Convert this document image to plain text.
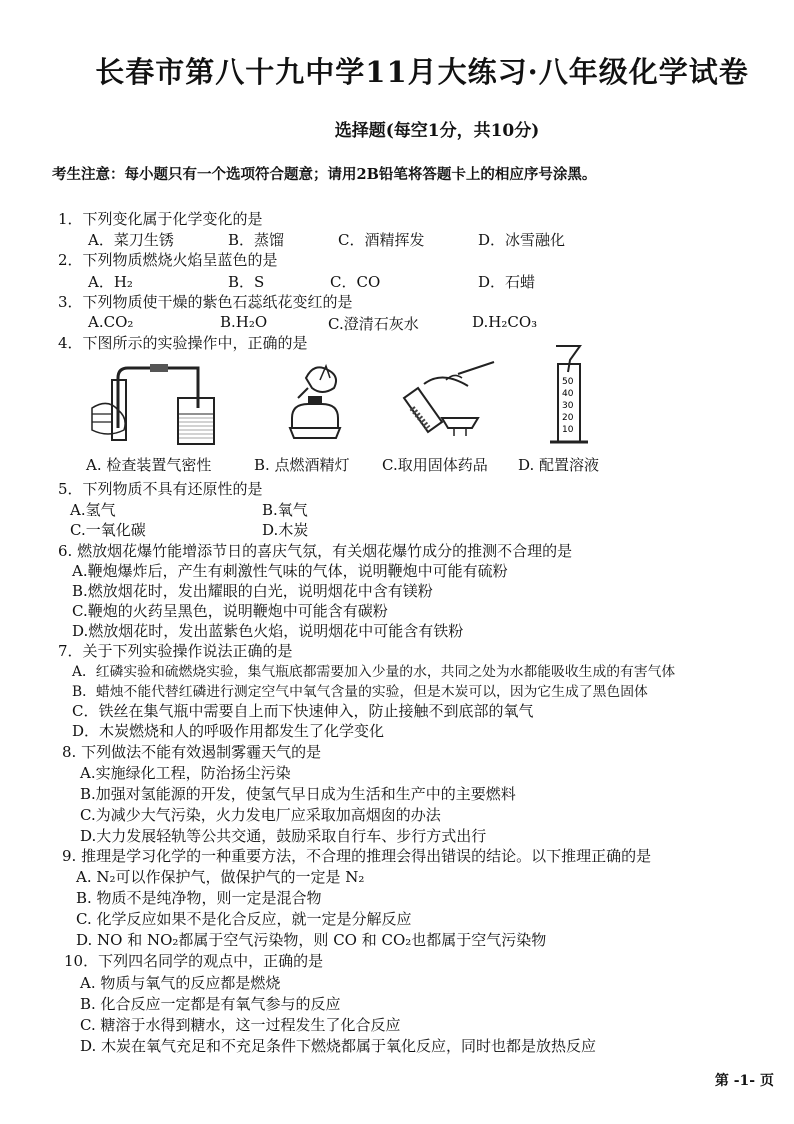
长春市第八十九中学11月大练习·八年级化学试卷
选择题(每空1分，共10分)
考生注意：每小题只有一个选项符合题意；请用2B铅笔将答题卡上的相应序号涂黑。
1．下列变化属于化学变化的是
A．菜刀生锈	B．蒸馏	C．酒精挥发	D．冰雪融化
2．下列物质燃烧火焰呈蓝色的是
A．H₂	B．S	C．CO	D．石蜡
3．下列物质使干燥的紫色石蕊纸花变红的是
A.CO₂	B.H₂O	C.澄清石灰水	D.H₂CO₃
4．下图所示的实验操作中，正确的是
50
40
30
20
10
A. 检查装置气密性	B. 点燃酒精灯 C.取用固体药品 D. 配置溶液
5．下列物质不具有还原性的是
A.氢气	B.氧气
C.一氧化碳	D.木炭
6. 燃放烟花爆竹能增添节日的喜庆气氛，有关烟花爆竹成分的推测不合理的是
A.鞭炮爆炸后，产生有刺激性气味的气体，说明鞭炮中可能有硫粉
B.燃放烟花时，发出耀眼的白光，说明烟花中含有镁粉
C.鞭炮的火药呈黑色，说明鞭炮中可能含有碳粉
D.燃放烟花时，发出蓝紫色火焰，说明烟花中可能含有铁粉
7．关于下列实验操作说法正确的是
A．红磷实验和硫燃烧实验，集气瓶底都需要加入少量的水，共同之处为水都能吸收生成的有害气体
B．蜡烛不能代替红磷进行测定空气中氧气含量的实验，但是木炭可以，因为它生成了黑色固体
C．铁丝在集气瓶中需要自上而下快速伸入，防止接触不到底部的氧气
D．木炭燃烧和人的呼吸作用都发生了化学变化
8. 下列做法不能有效遏制雾霾天气的是
A.实施绿化工程，防治扬尘污染
B.加强对氢能源的开发，使氢气早日成为生活和生产中的主要燃料
C.为减少大气污染，火力发电厂应采取加高烟囱的办法
D.大力发展轻轨等公共交通，鼓励采取自行车、步行方式出行
9. 推理是学习化学的一种重要方法，不合理的推理会得出错误的结论。以下推理正确的是
A. N₂可以作保护气，做保护气的一定是 N₂
B. 物质不是纯净物，则一定是混合物
C. 化学反应如果不是化合反应，就一定是分解反应
D. NO 和 NO₂都属于空气污染物，则 CO 和 CO₂也都属于空气污染物
10．下列四名同学的观点中，正确的是
A. 物质与氧气的反应都是燃烧
B. 化合反应一定都是有氧气参与的反应
C. 糖溶于水得到糖水，这一过程发生了化合反应
D. 木炭在氧气充足和不充足条件下燃烧都属于氧化反应，同时也都是放热反应
第 -1- 页
